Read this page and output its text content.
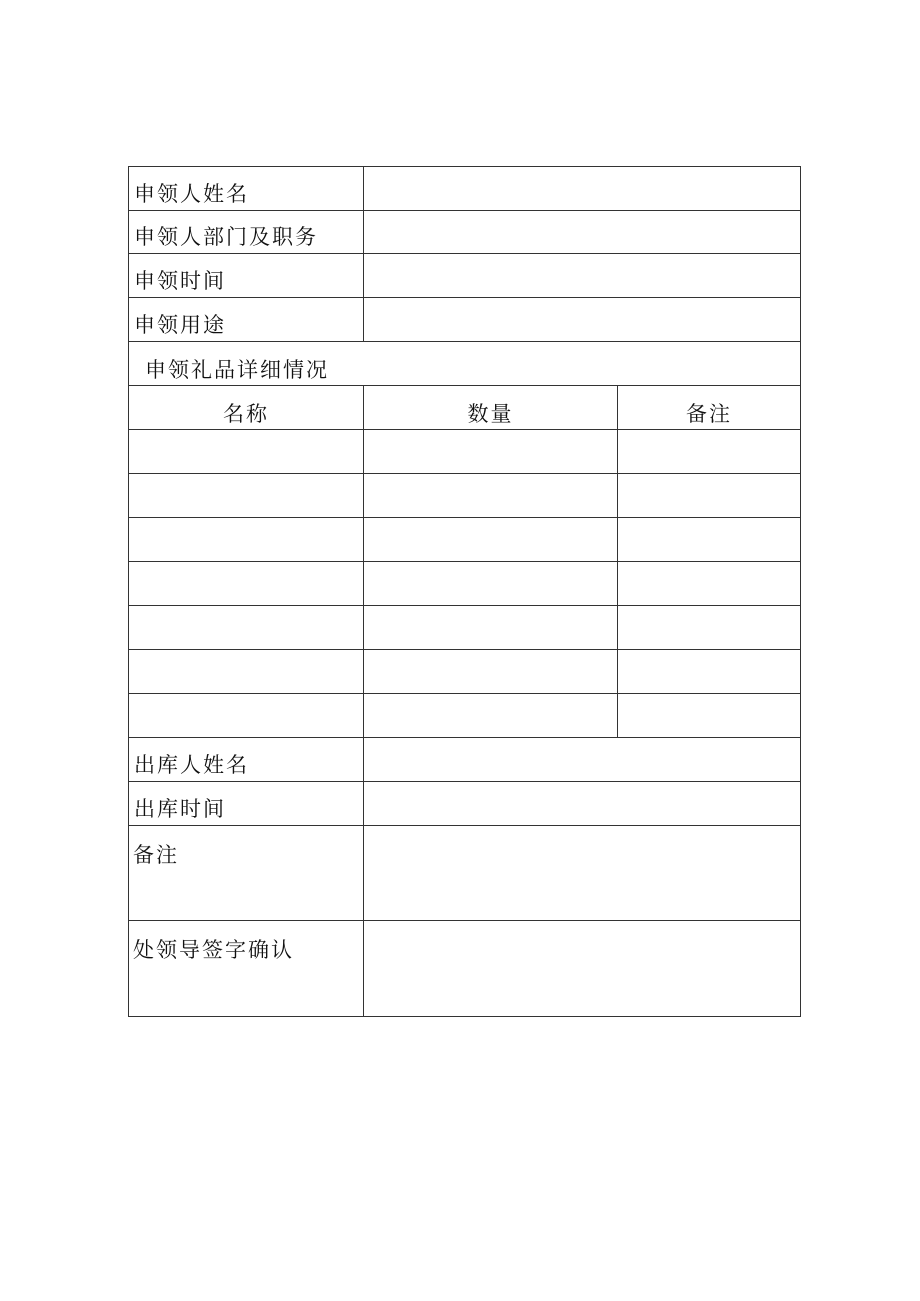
申领人姓名		
申领人部门及职务		
申领时间		
申领用途		
申领礼品详细情况		
名称	数量	备注

出库人姓名		
出库时间		
备注		
处领导签字确认		
